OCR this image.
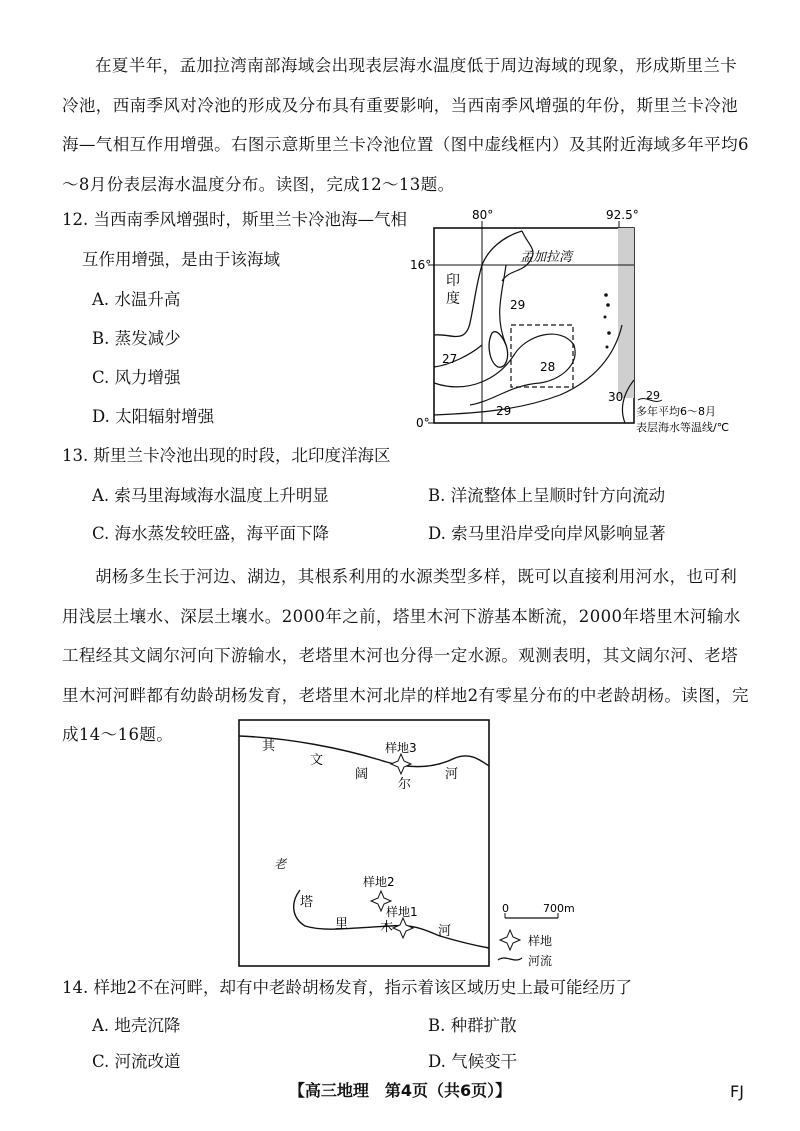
在夏半年，孟加拉湾南部海域会出现表层海水温度低于周边海域的现象，形成斯里兰卡冷池，西南季风对冷池的形成及分布具有重要影响，当西南季风增强的年份，斯里兰卡冷池海—气相互作用增强。右图示意斯里兰卡冷池位置（图中虚线框内）及其附近海域多年平均6～8月份表层海水温度分布。读图，完成12～13题。
12. 当西南季风增强时，斯里兰卡冷池海—气相
互作用增强，是由于该海域
A. 水温升高
B. 蒸发减少
C. 风力增强
D. 太阳辐射增强
80°	92.5°
16°
0°
印
度
孟加拉湾
29
28
27
29
30 29
多年平均6～8月
表层海水等温线/℃
13. 斯里兰卡冷池出现的时段，北印度洋海区
A. 索马里海域海水温度上升明显	B. 洋流整体上呈顺时针方向流动
C. 海水蒸发较旺盛，海平面下降	D. 索马里沿岸受向岸风影响显著
胡杨多生长于河边、湖边，其根系利用的水源类型多样，既可以直接利用河水，也可利用浅层土壤水、深层土壤水。2000年之前，塔里木河下游基本断流，2000年塔里木河输水工程经其文阔尔河向下游输水，老塔里木河也分得一定水源。观测表明，其文阔尔河、老塔里木河河畔都有幼龄胡杨发育，老塔里木河北岸的样地2有零星分布的中老龄胡杨。读图，完成14～16题。
其
文
阔
尔
河
塔
里 木	河
老
样地3
样地2
样地1	0	700m
样地
河流
14. 样地2不在河畔，却有中老龄胡杨发育，指示着该区域历史上最可能经历了
A. 地壳沉降	B. 种群扩散
C. 河流改道	D. 气候变干
【高三地理　第4页（共6页）】	FJ
